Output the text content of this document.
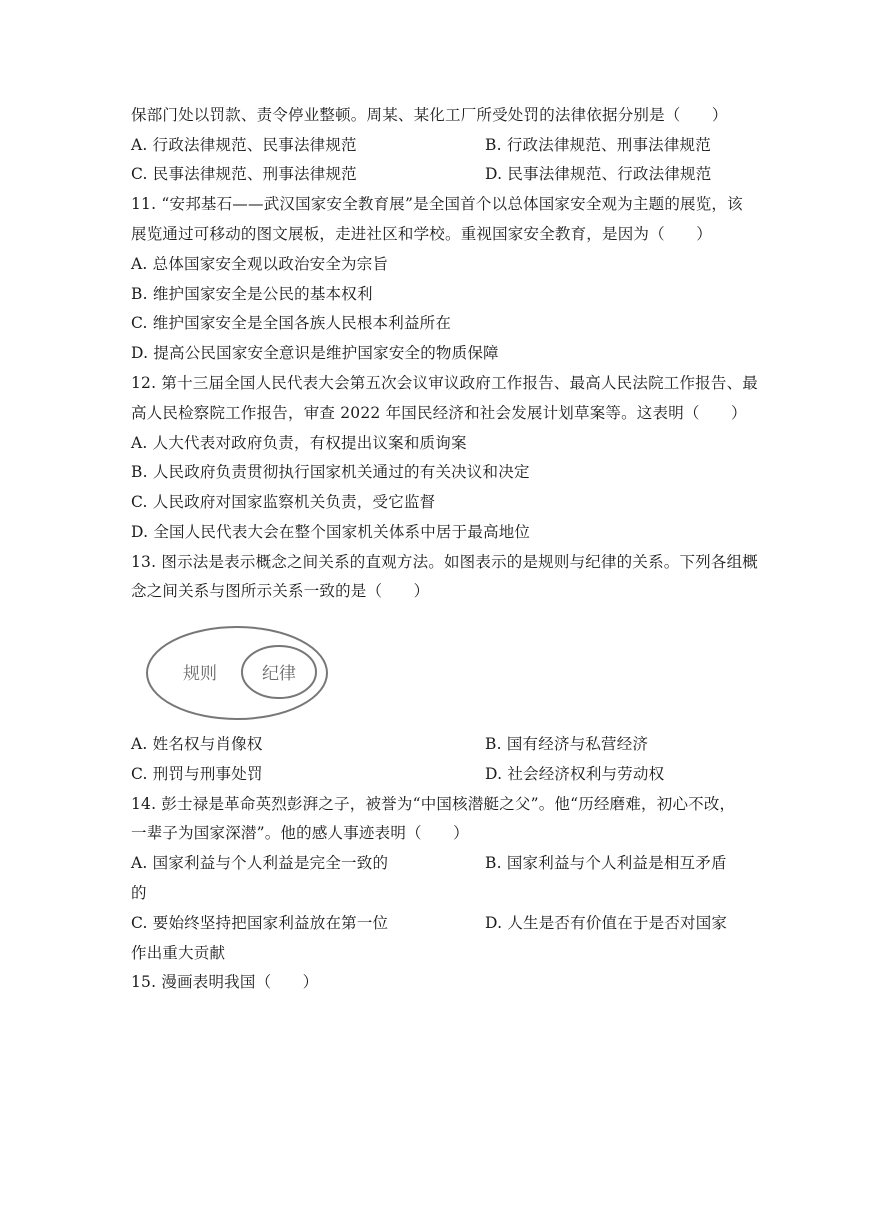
保部门处以罚款、责令停业整顿。周某、某化工厂所受处罚的法律依据分别是（　　）
A. 行政法律规范、民事法律规范	B. 行政法律规范、刑事法律规范
C. 民事法律规范、刑事法律规范	D. 民事法律规范、行政法律规范
11. “安邦基石——武汉国家安全教育展”是全国首个以总体国家安全观为主题的展览，该
展览通过可移动的图文展板，走进社区和学校。重视国家安全教育，是因为（　　）
A. 总体国家安全观以政治安全为宗旨
B. 维护国家安全是公民的基本权利
C. 维护国家安全是全国各族人民根本利益所在
D. 提高公民国家安全意识是维护国家安全的物质保障
12. 第十三届全国人民代表大会第五次会议审议政府工作报告、最高人民法院工作报告、最
高人民检察院工作报告，审查 2022 年国民经济和社会发展计划草案等。这表明（　　）
A. 人大代表对政府负责，有权提出议案和质询案
B. 人民政府负责贯彻执行国家机关通过的有关决议和决定
C. 人民政府对国家监察机关负责，受它监督
D. 全国人民代表大会在整个国家机关体系中居于最高地位
13. 图示法是表示概念之间关系的直观方法。如图表示的是规则与纪律的关系。下列各组概
念之间关系与图所示关系一致的是（　　）
规则	纪律
A. 姓名权与肖像权	B. 国有经济与私营经济
C. 刑罚与刑事处罚	D. 社会经济权利与劳动权
14. 彭士禄是革命英烈彭湃之子，被誉为“中国核潜艇之父”。他“历经磨难，初心不改，
一辈子为国家深潜”。他的感人事迹表明（　　）
A. 国家利益与个人利益是完全一致的	B. 国家利益与个人利益是相互矛盾
的
C. 要始终坚持把国家利益放在第一位	D. 人生是否有价值在于是否对国家
作出重大贡献
15. 漫画表明我国（　　）
